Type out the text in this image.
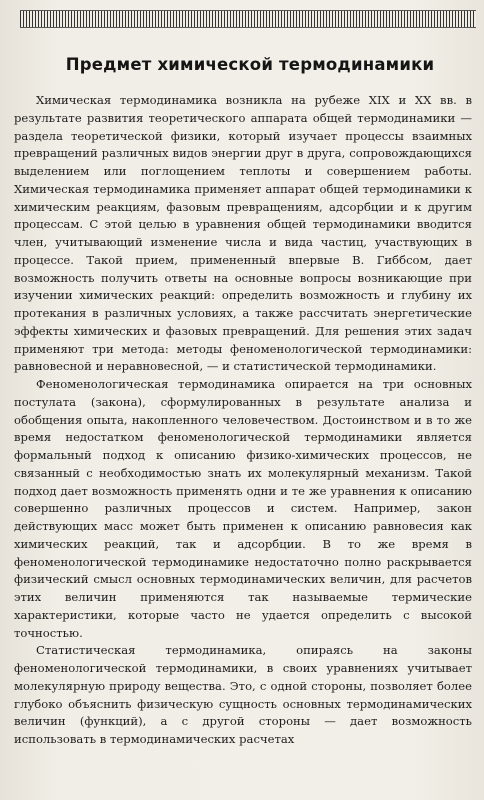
Предмет химической термодинамики

Химическая термодинамика возникла на рубеже XIX и XX вв. в результате развития теоретического аппарата общей термодинамики — раздела теоретической физики, который изучает процессы взаимных превращений различных видов энергии друг в друга, сопровождающихся выделением или поглощением теплоты и совершением работы. Химическая термодинамика применяет аппарат общей термодинамики к химическим реакциям, фазовым превращениям, адсорбции и к другим процессам. С этой целью в уравнения общей термодинамики вводится член, учитывающий изменение числа и вида частиц, участвующих в процессе. Такой прием, примененный впервые В. Гиббсом, дает возможность получить ответы на основные вопросы возникающие при изучении химических реакций: определить возможность и глубину их протекания в различных условиях, а также рассчитать энергетические эффекты химических и фазовых превращений. Для решения этих задач применяют три метода: методы феноменологической термодинамики: равновесной и неравновесной, — и статистической термодинамики.

Феноменологическая термодинамика опирается на три основных постулата (закона), сформулированных в результате анализа и обобщения опыта, накопленного человечеством. Достоинством и в то же время недостатком феноменологической термодинамики является формальный подход к описанию физико-химических процессов, не связанный с необходимостью знать их молекулярный механизм. Такой подход дает возможность применять одни и те же уравнения к описанию совершенно различных процессов и систем. Например, закон действующих масс может быть применен к описанию равновесия как химических реакций, так и адсорбции. В то же время в феноменологической термодинамике недостаточно полно раскрывается физический смысл основных термодинамических величин, для расчетов этих величин применяются так называемые термические характеристики, которые часто не удается определить с высокой точностью.

Статистическая термодинамика, опираясь на законы феноменологической термодинамики, в своих уравнениях учитывает молекулярную природу вещества. Это, с одной стороны, позволяет более глубоко объяснить физическую сущность основных термодинамических величин (функций), а с другой стороны — дает возможность использовать в термодинамических расчетах
